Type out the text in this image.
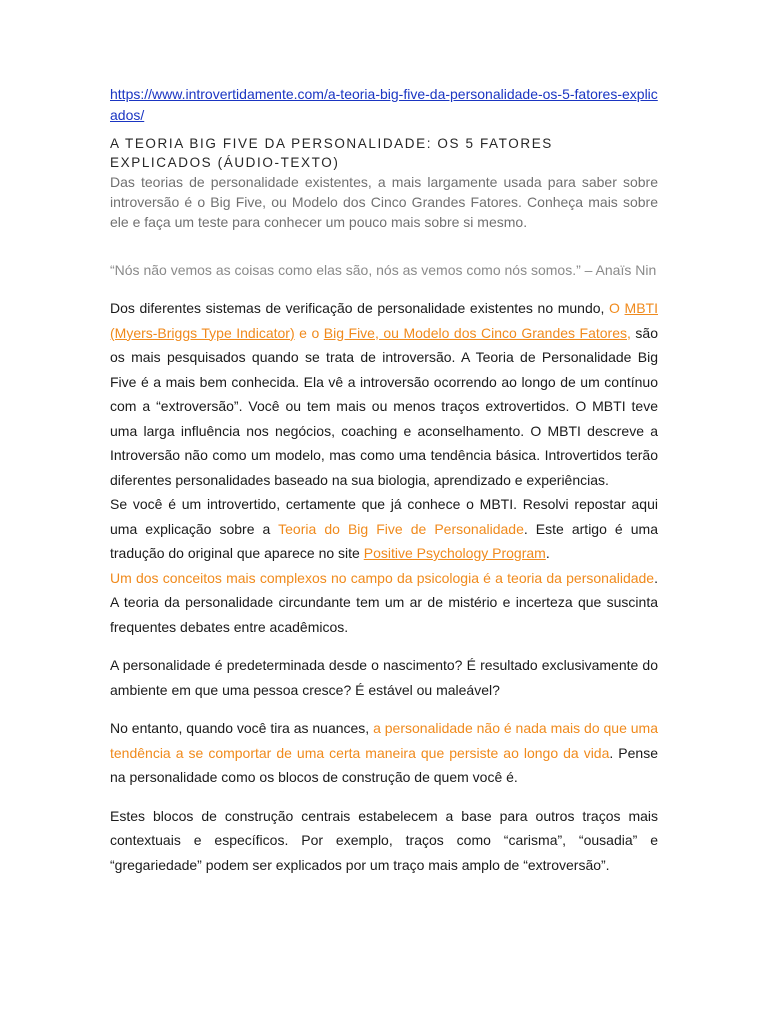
https://www.introvertidamente.com/a-teoria-big-five-da-personalidade-os-5-fatores-explicados/
A TEORIA BIG FIVE DA PERSONALIDADE: OS 5 FATORES EXPLICADOS (ÁUDIO-TEXTO)
Das teorias de personalidade existentes, a mais largamente usada para saber sobre introversão é o Big Five, ou Modelo dos Cinco Grandes Fatores. Conheça mais sobre ele e faça um teste para conhecer um pouco mais sobre si mesmo.
“Nós não vemos as coisas como elas são, nós as vemos como nós somos.” – Anaïs Nin

Dos diferentes sistemas de verificação de personalidade existentes no mundo, O MBTI (Myers-Briggs Type Indicator) e o Big Five, ou Modelo dos Cinco Grandes Fatores, são os mais pesquisados quando se trata de introversão. A Teoria de Personalidade Big Five é a mais bem conhecida. Ela vê a introversão ocorrendo ao longo de um contínuo com a “extroversão”. Você ou tem mais ou menos traços extrovertidos. O MBTI teve uma larga influência nos negócios, coaching e aconselhamento. O MBTI descreve a Introversão não como um modelo, mas como uma tendência básica. Introvertidos terão diferentes personalidades baseado na sua biologia, aprendizado e experiências.

Se você é um introvertido, certamente que já conhece o MBTI. Resolvi repostar aqui uma explicação sobre a Teoria do Big Five de Personalidade. Este artigo é uma tradução do original que aparece no site Positive Psychology Program.

Um dos conceitos mais complexos no campo da psicologia é a teoria da personalidade. A teoria da personalidade circundante tem um ar de mistério e incerteza que suscinta frequentes debates entre acadêmicos.

A personalidade é predeterminada desde o nascimento? É resultado exclusivamente do ambiente em que uma pessoa cresce? É estável ou maleável?

No entanto, quando você tira as nuances, a personalidade não é nada mais do que uma tendência a se comportar de uma certa maneira que persiste ao longo da vida. Pense na personalidade como os blocos de construção de quem você é.

Estes blocos de construção centrais estabelecem a base para outros traços mais contextuais e específicos. Por exemplo, traços como “carisma”, “ousadia” e “gregariedade” podem ser explicados por um traço mais amplo de “extroversão”.
